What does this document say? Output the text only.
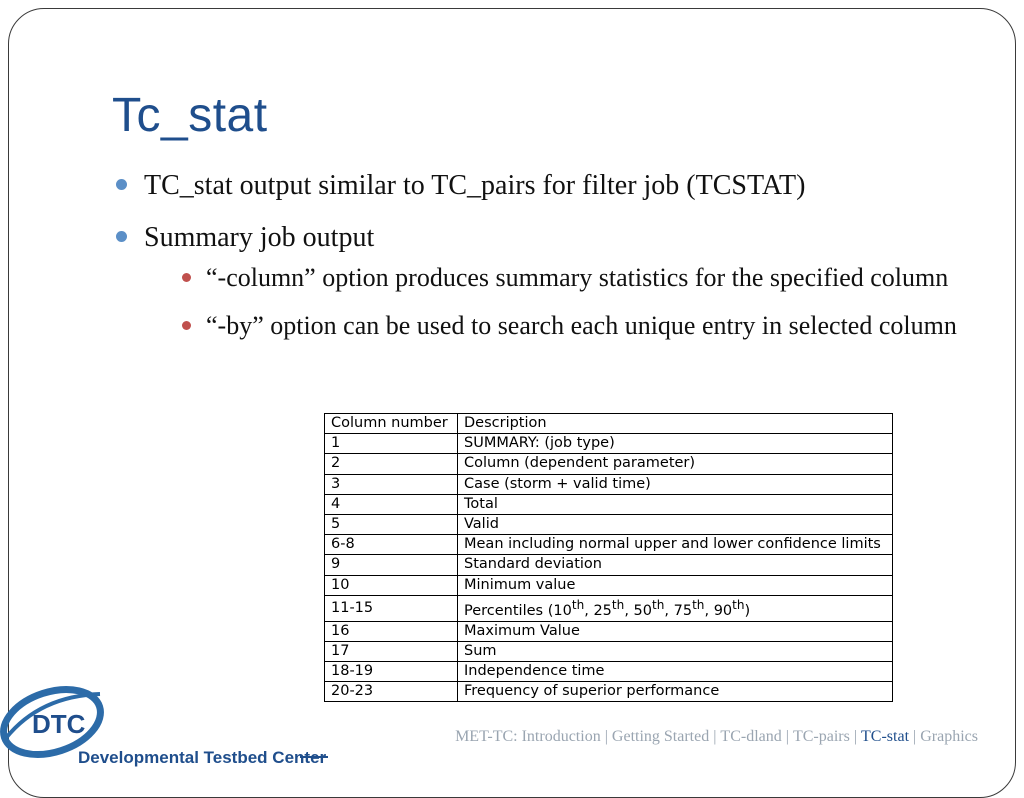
Tc_stat
TC_stat output similar to TC_pairs for filter job (TCSTAT)
Summary job output
“-column” option produces summary statistics for the specified column
“-by” option can be used to search each unique entry in selected column
Column number	Description
1	SUMMARY: (job type)
2	Column (dependent parameter)
3	Case (storm + valid time)
4	Total
5	Valid
6-8	Mean including normal upper and lower confidence limits
9	Standard deviation
10	Minimum value
11-15	Percentiles (10th, 25th, 50th, 75th, 90th)
16	Maximum Value
17	Sum
18-19	Independence time
20-23	Frequency of superior performance
MET-TC: Introduction | Getting Started | TC-dland | TC-pairs | TC-stat | Graphics
DTC
Developmental Testbed Center
